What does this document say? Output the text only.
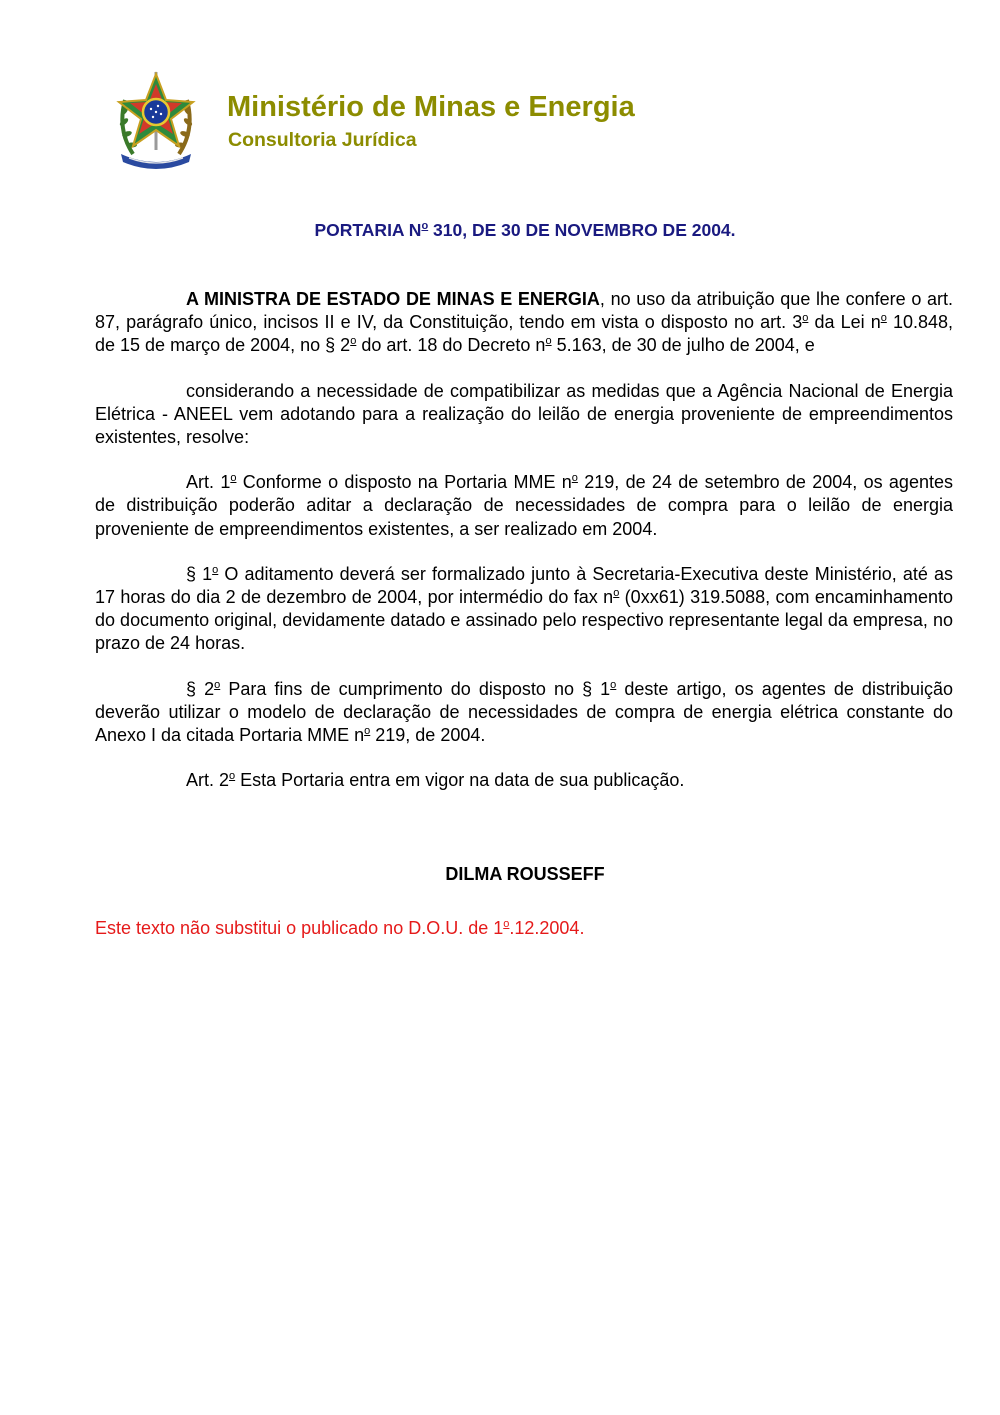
Ministério de Minas e Energia
Consultoria Jurídica

PORTARIA $N^o$ 310, DE 30 DE NOVEMBRO DE 2004.

A MINISTRA DE ESTADO DE MINAS E ENERGIA, no uso da atribuição que lhe confere o art. 87, parágrafo único, incisos II e IV, da Constituição, tendo em vista o disposto no art. 3$^o$ da Lei $n^o$ 10.848, de 15 de março de 2004, no § 2$^o$ do art. 18 do Decreto $n^o$ 5.163, de 30 de julho de 2004, e

considerando a necessidade de compatibilizar as medidas que a Agência Nacional de Energia Elétrica - ANEEL vem adotando para a realização do leilão de energia proveniente de empreendimentos existentes, resolve:

Art. 1$^o$ Conforme o disposto na Portaria MME $n^o$ 219, de 24 de setembro de 2004, os agentes de distribuição poderão aditar a declaração de necessidades de compra para o leilão de energia proveniente de empreendimentos existentes, a ser realizado em 2004.

§ 1$^o$ O aditamento deverá ser formalizado junto à Secretaria-Executiva deste Ministério, até as 17 horas do dia 2 de dezembro de 2004, por intermédio do fax $n^o$ (0xx61) 319.5088, com encaminhamento do documento original, devidamente datado e assinado pelo respectivo representante legal da empresa, no prazo de 24 horas.

§ 2$^o$ Para fins de cumprimento do disposto no § 1$^o$ deste artigo, os agentes de distribuição deverão utilizar o modelo de declaração de necessidades de compra de energia elétrica constante do Anexo I da citada Portaria MME $n^o$ 219, de 2004.

Art. 2$^o$ Esta Portaria entra em vigor na data de sua publicação.

DILMA ROUSSEFF

Este texto não substitui o publicado no D.O.U. de 1$^o$.12.2004.
